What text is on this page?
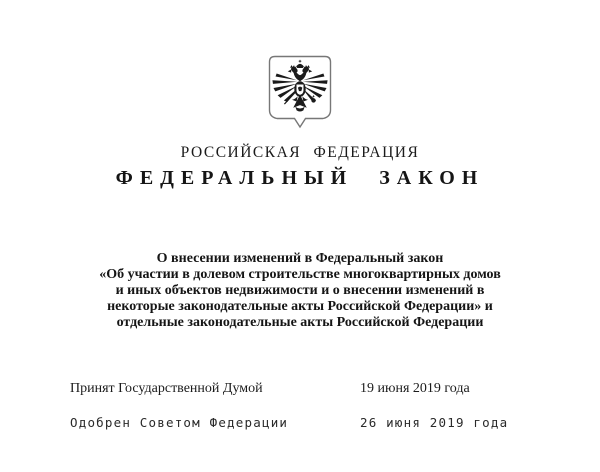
РОССИЙСКАЯ ФЕДЕРАЦИЯ
ФЕДЕРАЛЬНЫЙ ЗАКОН
О внесении изменений в Федеральный закон
«Об участии в долевом строительстве многоквартирных домов
и иных объектов недвижимости и о внесении изменений в
некоторые законодательные акты Российской Федерации» и
отдельные законодательные акты Российской Федерации
Принят Государственной Думой	19 июня 2019 года
Одобрен Советом Федерации	26 июня 2019 года
